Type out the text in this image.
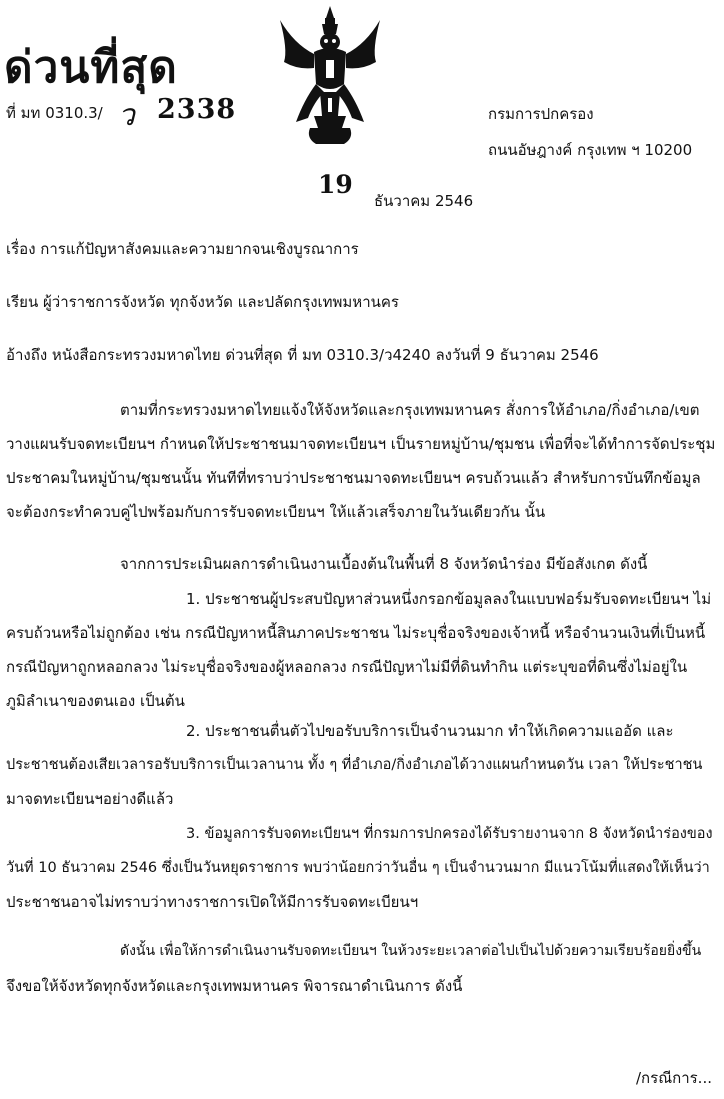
ด่วนที่สุด
ที่ มท 0310.3/ ว 2338	กรมการปกครอง
ถนนอัษฎางค์ กรุงเทพ ฯ 10200
19
ธันวาคม 2546
เรื่อง การแก้ปัญหาสังคมและความยากจนเชิงบูรณาการ
เรียน ผู้ว่าราชการจังหวัด ทุกจังหวัด และปลัดกรุงเทพมหานคร
อ้างถึง หนังสือกระทรวงมหาดไทย ด่วนที่สุด ที่ มท 0310.3/ว4240 ลงวันที่ 9 ธันวาคม 2546
ตามที่กระทรวงมหาดไทยแจ้งให้จังหวัดและกรุงเทพมหานคร สั่งการให้อำเภอ/กิ่งอำเภอ/เขต
วางแผนรับจดทะเบียนฯ กำหนดให้ประชาชนมาจดทะเบียนฯ เป็นรายหมู่บ้าน/ชุมชน เพื่อที่จะได้ทำการจัดประชุม
ประชาคมในหมู่บ้าน/ชุมชนนั้น ทันทีที่ทราบว่าประชาชนมาจดทะเบียนฯ ครบถ้วนแล้ว สำหรับการบันทึกข้อมูล
จะต้องกระทำควบคู่ไปพร้อมกับการรับจดทะเบียนฯ ให้แล้วเสร็จภายในวันเดียวกัน นั้น
จากการประเมินผลการดำเนินงานเบื้องต้นในพื้นที่ 8 จังหวัดนำร่อง มีข้อสังเกต ดังนี้
1. ประชาชนผู้ประสบปัญหาส่วนหนึ่งกรอกข้อมูลลงในแบบฟอร์มรับจดทะเบียนฯ ไม่
ครบถ้วนหรือไม่ถูกต้อง เช่น กรณีปัญหาหนี้สินภาคประชาชน ไม่ระบุชื่อจริงของเจ้าหนี้ หรือจำนวนเงินที่เป็นหนี้
กรณีปัญหาถูกหลอกลวง ไม่ระบุชื่อจริงของผู้หลอกลวง กรณีปัญหาไม่มีที่ดินทำกิน แต่ระบุขอที่ดินซึ่งไม่อยู่ใน
ภูมิลำเนาของตนเอง เป็นต้น
2. ประชาชนตื่นตัวไปขอรับบริการเป็นจำนวนมาก ทำให้เกิดความแออัด และ
ประชาชนต้องเสียเวลารอรับบริการเป็นเวลานาน ทั้ง ๆ ที่อำเภอ/กิ่งอำเภอได้วางแผนกำหนดวัน เวลา ให้ประชาชน
มาจดทะเบียนฯอย่างดีแล้ว
3. ข้อมูลการรับจดทะเบียนฯ ที่กรมการปกครองได้รับรายงานจาก 8 จังหวัดนำร่องของ
วันที่ 10 ธันวาคม 2546 ซึ่งเป็นวันหยุดราชการ พบว่าน้อยกว่าวันอื่น ๆ เป็นจำนวนมาก มีแนวโน้มที่แสดงให้เห็นว่า
ประชาชนอาจไม่ทราบว่าทางราชการเปิดให้มีการรับจดทะเบียนฯ
ดังนั้น เพื่อให้การดำเนินงานรับจดทะเบียนฯ ในห้วงระยะเวลาต่อไปเป็นไปด้วยความเรียบร้อยยิ่งขึ้น
จึงขอให้จังหวัดทุกจังหวัดและกรุงเทพมหานคร พิจารณาดำเนินการ ดังนี้
/กรณีการ...
